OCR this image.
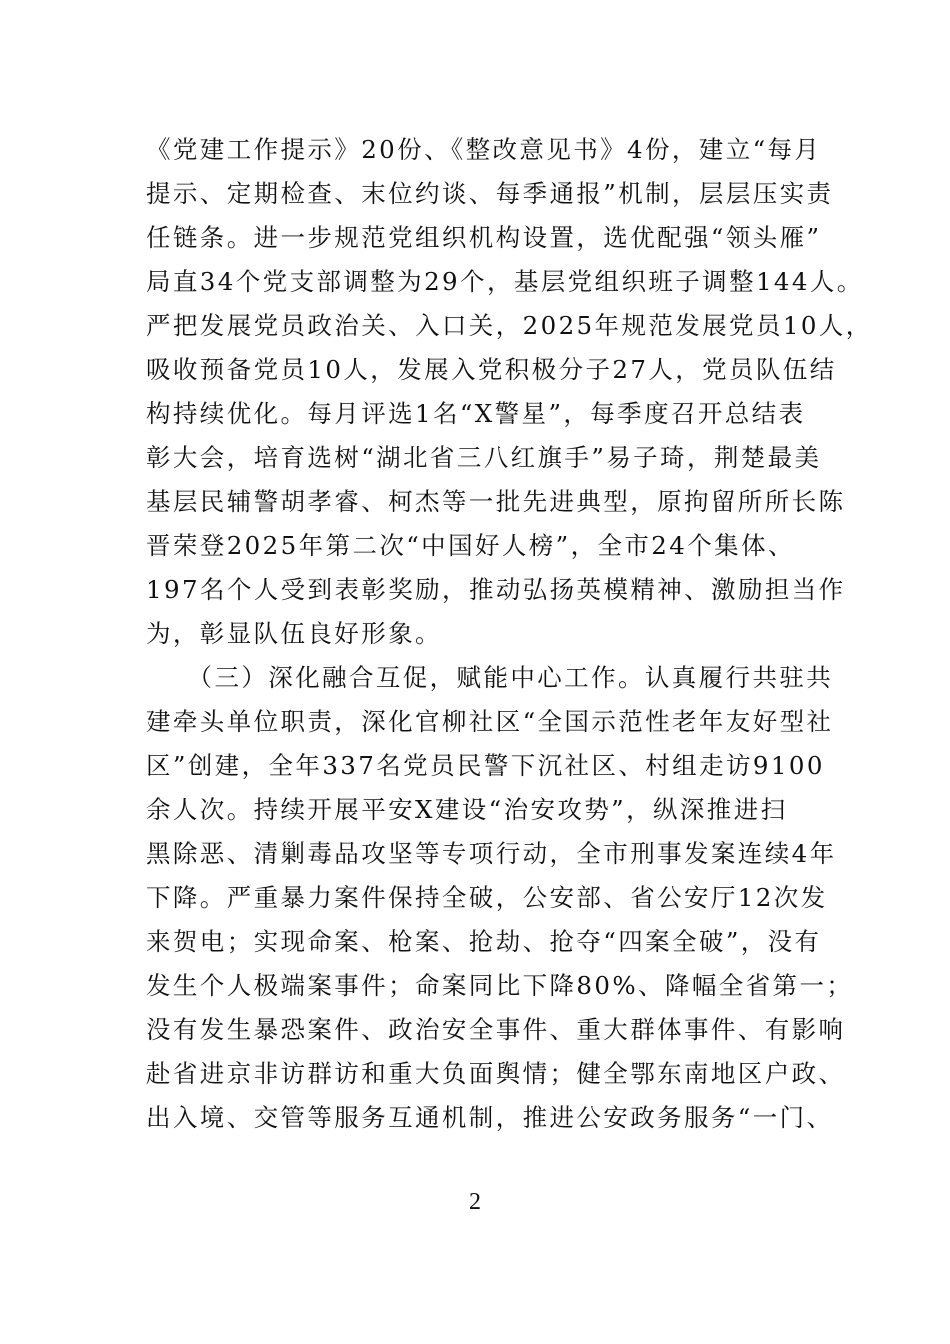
《党建工作提示》20份、《整改意见书》4份，建立“每月
提示、定期检查、末位约谈、每季通报”机制，层层压实责
任链条。进一步规范党组织机构设置，选优配强“领头雁”
局直34个党支部调整为29个，基层党组织班子调整144人。
严把发展党员政治关、入口关，2025年规范发展党员10人，
吸收预备党员10人，发展入党积极分子27人，党员队伍结
构持续优化。每月评选1名“X警星”，每季度召开总结表
彰大会，培育选树“湖北省三八红旗手”易子琦，荆楚最美
基层民辅警胡孝睿、柯杰等一批先进典型，原拘留所所长陈
晋荣登2025年第二次“中国好人榜”，全市24个集体、
197名个人受到表彰奖励，推动弘扬英模精神、激励担当作
为，彰显队伍良好形象。
　　（三）深化融合互促，赋能中心工作。认真履行共驻共
建牵头单位职责，深化官柳社区“全国示范性老年友好型社
区”创建，全年337名党员民警下沉社区、村组走访9100
余人次。持续开展平安X建设“治安攻势”，纵深推进扫
黑除恶、清剿毒品攻坚等专项行动，全市刑事发案连续4年
下降。严重暴力案件保持全破，公安部、省公安厅12次发
来贺电；实现命案、枪案、抢劫、抢夺“四案全破”，没有
发生个人极端案事件；命案同比下降80%、降幅全省第一；
没有发生暴恐案件、政治安全事件、重大群体事件、有影响
赴省进京非访群访和重大负面舆情；健全鄂东南地区户政、
出入境、交管等服务互通机制，推进公安政务服务“一门、
2
